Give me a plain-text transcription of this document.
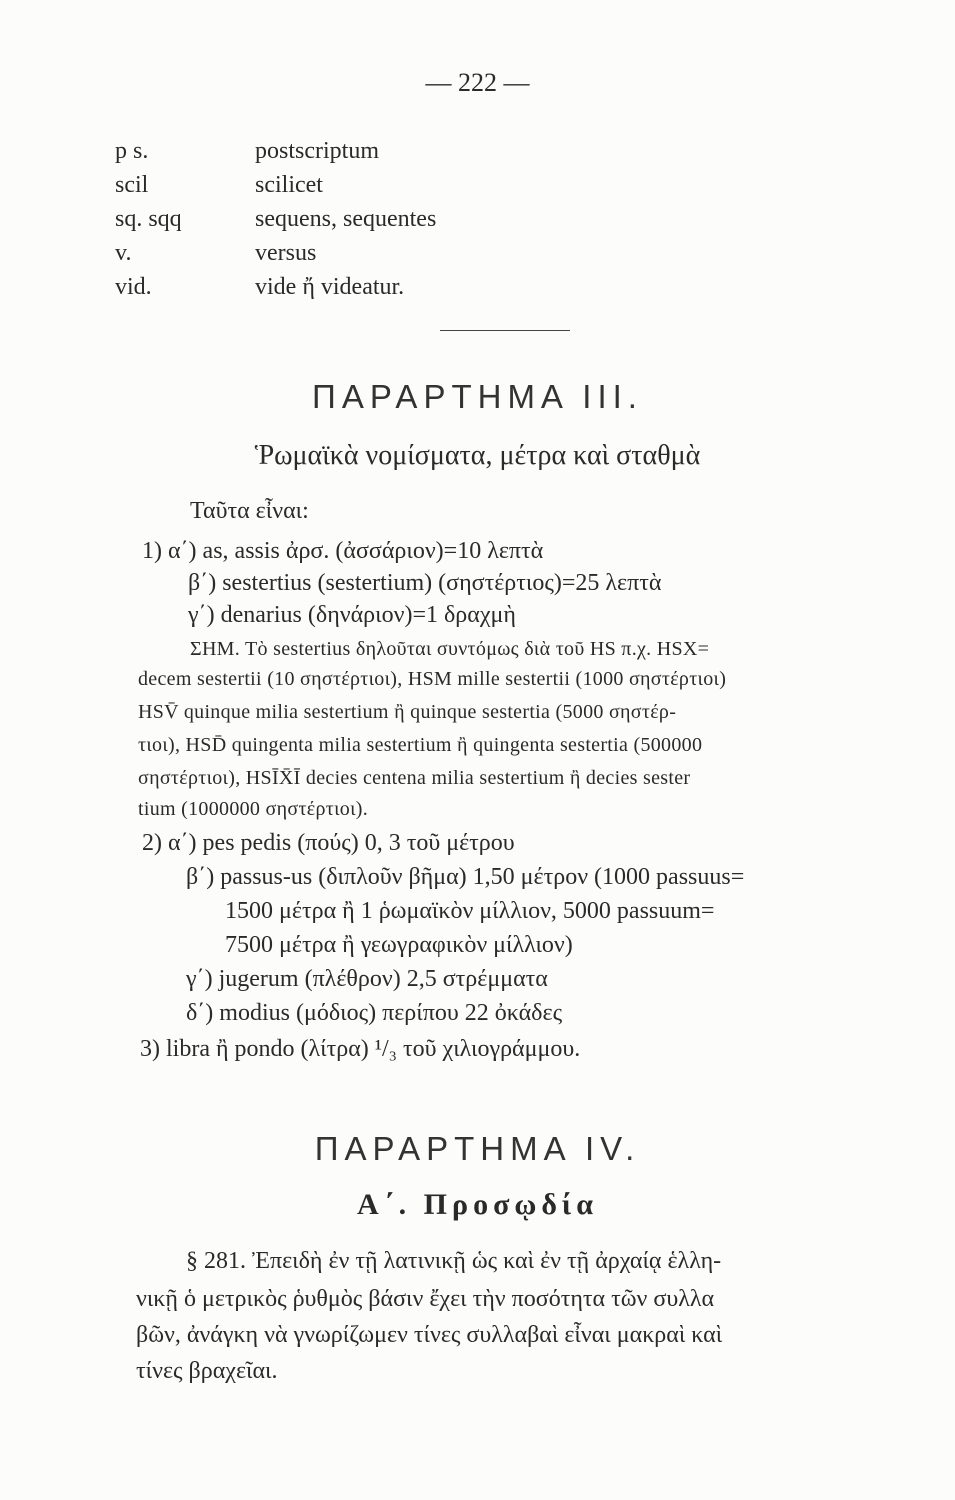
— 222 —
p s.	postscriptum
scil	scilicet
sq. sqq	sequens, sequentes
v.	versus
vid.	vide ἤ videatur.
ΠΑΡΑΡΤΗΜΑ III.
Ῥωμαϊκὰ νομίσματα, μέτρα καὶ σταθμὰ
Ταῦτα εἶναι:
1) α΄) as, assis ἀρσ. (ἀσσάριον)=10 λεπτὰ
β΄) sestertius (sestertium) (σηστέρτιος)=25 λεπτὰ
γ΄) denarius (δηνάριον)=1 δραχμὴ
ΣΗΜ. Τὸ sestertius δηλοῦται συντόμως διὰ τοῦ HS π.χ. HSX=
decem sestertii (10 σηστέρτιοι), HSM mille sestertii (1000 σηστέρτιοι)
HSV̄ quinque milia sestertium ἢ quinque sestertia (5000 σηστέρ-
τιοι), HSD̄ quingenta milia sestertium ἢ quingenta sestertia (500000
σηστέρτιοι), HSĪX̄Ī decies centena milia sestertium ἢ decies sester
tium (1000000 σηστέρτιοι).
2) α΄) pes pedis (πούς) 0, 3 τοῦ μέτρου
β΄) passus-us (διπλοῦν βῆμα) 1,50 μέτρον (1000 passuus=
1500 μέτρα ἢ 1 ῥωμαϊκὸν μίλλιον, 5000 passuum=
7500 μέτρα ἢ γεωγραφικὸν μίλλιον)
γ΄) jugerum (πλέθρον) 2,5 στρέμματα
δ΄) modius (μόδιος) περίπου 22 ὀκάδες
3) libra ἢ pondo (λίτρα) ¹/₃ τοῦ χιλιογράμμου.
ΠΑΡΑΡΤΗΜΑ IV.
Α΄. Προσῳδία
§ 281. Ἐπειδὴ ἐν τῇ λατινικῇ ὡς καὶ ἐν τῇ ἀρχαίᾳ ἑλλη-
νικῇ ὁ μετρικὸς ῥυθμὸς βάσιν ἔχει τὴν ποσότητα τῶν συλλα
βῶν, ἀνάγκη νὰ γνωρίζωμεν τίνες συλλαβαὶ εἶναι μακραὶ καὶ
τίνες βραχεῖαι.
